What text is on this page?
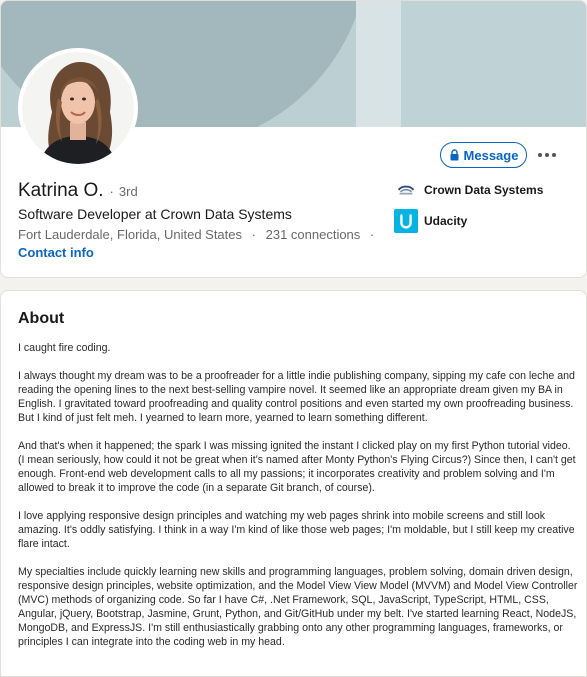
Message
Katrina O. · 3rd
Software Developer at Crown Data Systems
Fort Lauderdale, Florida, United States · 231 connections ·
Contact info
Crown Data Systems
Udacity
About

I caught fire coding.

I always thought my dream was to be a proofreader for a little indie publishing company, sipping my cafe con leche and reading the opening lines to the next best-selling vampire novel. It seemed like an appropriate dream given my BA in English. I gravitated toward proofreading and quality control positions and even started my own proofreading business. But I kind of just felt meh. I yearned to learn more, yearned to learn something different.

And that's when it happened; the spark I was missing ignited the instant I clicked play on my first Python tutorial video. (I mean seriously, how could it not be great when it's named after Monty Python's Flying Circus?) Since then, I can't get enough. Front-end web development calls to all my passions; it incorporates creativity and problem solving and I'm allowed to break it to improve the code (in a separate Git branch, of course).

I love applying responsive design principles and watching my web pages shrink into mobile screens and still look amazing. It's oddly satisfying. I think in a way I'm kind of like those web pages; I'm moldable, but I still keep my creative flare intact.

My specialties include quickly learning new skills and programming languages, problem solving, domain driven design, responsive design principles, website optimization, and the Model View View Model (MVVM) and Model View Controller (MVC) methods of organizing code. So far I have C#, .Net Framework, SQL, JavaScript, TypeScript, HTML, CSS, Angular, jQuery, Bootstrap, Jasmine, Grunt, Python, and Git/GitHub under my belt. I've started learning React, NodeJS, MongoDB, and ExpressJS. I'm still enthusiastically grabbing onto any other programming languages, frameworks, or principles I can integrate into the coding web in my head.
